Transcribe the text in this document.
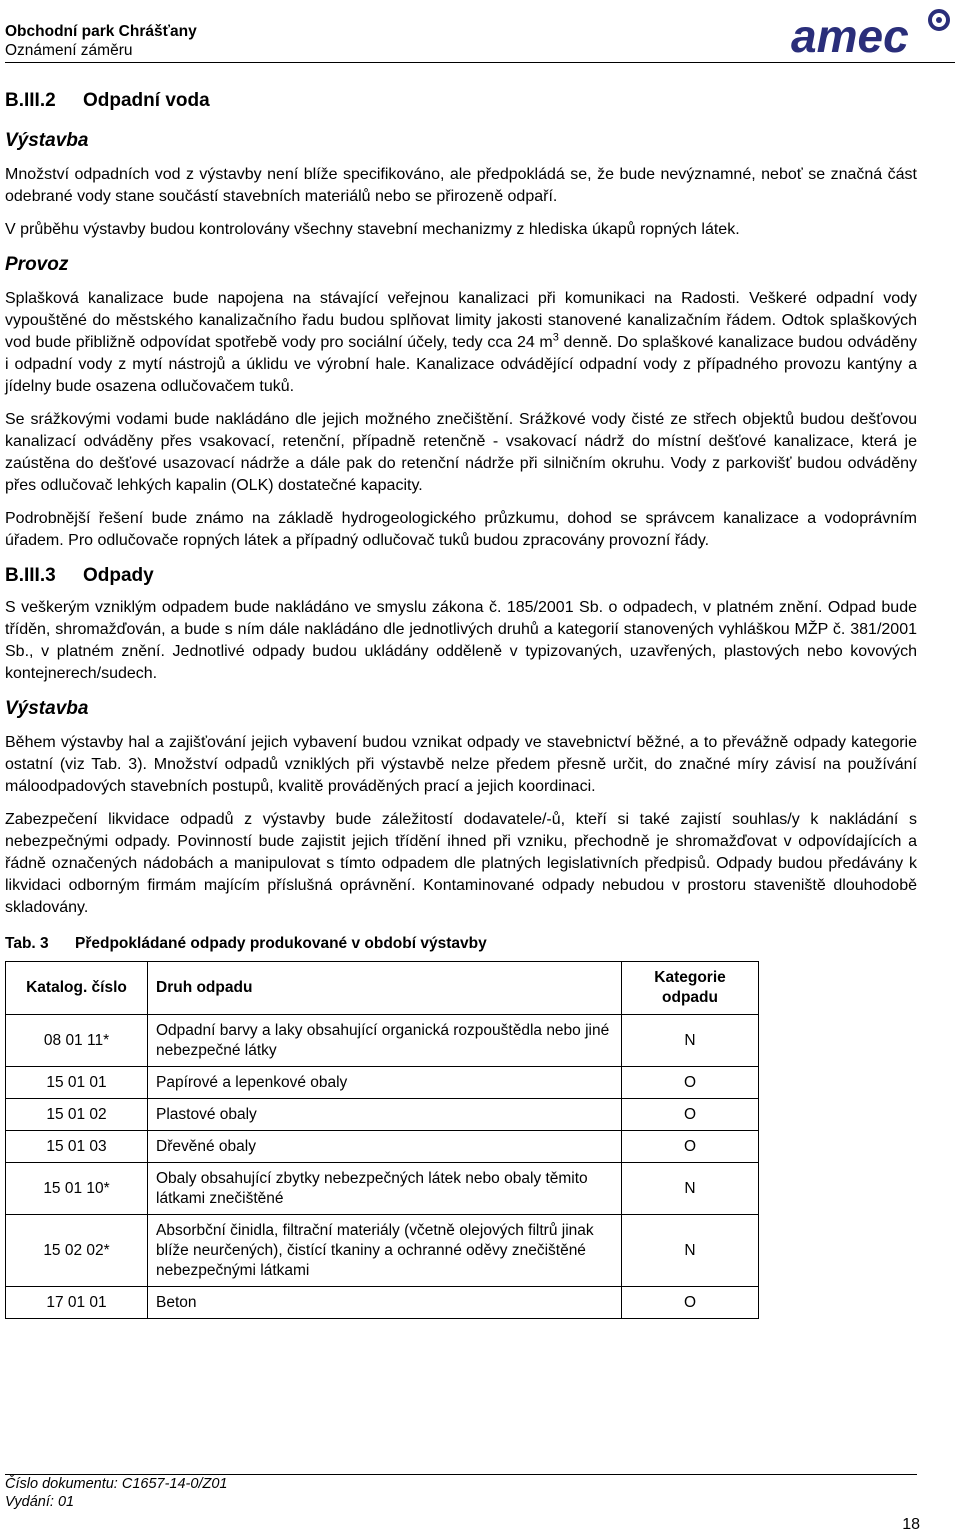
Obchodní park Chrášťany
Oznámení záměru	amec
B.III.2 Odpadní voda
Výstavba

Množství odpadních vod z výstavby není blíže specifikováno, ale předpokládá se, že bude nevýznamné, neboť se značná část odebrané vody stane součástí stavebních materiálů nebo se přirozeně odpaří.

V průběhu výstavby budou kontrolovány všechny stavební mechanizmy z hlediska úkapů ropných látek.

Provoz

Splašková kanalizace bude napojena na stávající veřejnou kanalizaci při komunikaci na Radosti. Veškeré odpadní vody vypouštěné do městského kanalizačního řadu budou splňovat limity jakosti stanovené kanalizačním řádem. Odtok splaškových vod bude přibližně odpovídat spotřebě vody pro sociální účely, tedy cca 24 $m^3$ denně. Do splaškové kanalizace budou odváděny i odpadní vody z mytí nástrojů a úklidu ve výrobní hale. Kanalizace odvádějící odpadní vody z případného provozu kantýny a jídelny bude osazena odlučovačem tuků.

Se srážkovými vodami bude nakládáno dle jejich možného znečištění. Srážkové vody čisté ze střech objektů budou dešťovou kanalizací odváděny přes vsakovací, retenční, případně retenčně - vsakovací nádrž do místní dešťové kanalizace, která je zaústěna do dešťové usazovací nádrže a dále pak do retenční nádrže při silničním okruhu. Vody z parkovišť budou odváděny přes odlučovač lehkých kapalin (OLK) dostatečné kapacity.

Podrobnější řešení bude známo na základě hydrogeologického průzkumu, dohod se správcem kanalizace a vodoprávním úřadem. Pro odlučovače ropných látek a případný odlučovač tuků budou zpracovány provozní řády.

B.III.3 Odpady

S veškerým vzniklým odpadem bude nakládáno ve smyslu zákona č. 185/2001 Sb. o odpadech, v platném znění. Odpad bude tříděn, shromažďován, a bude s ním dále nakládáno dle jednotlivých druhů a kategorií stanovených vyhláškou MŽP č. 381/2001 Sb., v platném znění. Jednotlivé odpady budou ukládány odděleně v typizovaných, uzavřených, plastových nebo kovových kontejnerech/sudech.

Výstavba

Během výstavby hal a zajišťování jejich vybavení budou vznikat odpady ve stavebnictví běžné, a to převážně odpady kategorie ostatní (viz Tab. 3). Množství odpadů vzniklých při výstavbě nelze předem přesně určit, do značné míry závisí na používání máloodpadových stavebních postupů, kvalitě prováděných prací a jejich koordinaci.

Zabezpečení likvidace odpadů z výstavby bude záležitostí dodavatele/-ů, kteří si také zajistí souhlas/y k nakládání s nebezpečnými odpady. Povinností bude zajistit jejich třídění ihned při vzniku, přechodně je shromažďovat v odpovídajících a řádně označených nádobách a manipulovat s tímto odpadem dle platných legislativních předpisů. Odpady budou předávány k likvidaci odborným firmám majícím příslušná oprávnění. Kontaminované odpady nebudou v prostoru staveniště dlouhodobě skladovány.

Tab. 3 Předpokládané odpady produkované v období výstavby
Katalog. číslo	Druh odpadu	Kategorie odpadu
08 01 11*	Odpadní barvy a laky obsahující organická rozpouštědla nebo jiné nebezpečné látky	N
15 01 01	Papírové a lepenkové obaly	O
15 01 02	Plastové obaly	O
15 01 03	Dřevěné obaly	O
15 01 10*	Obaly obsahující zbytky nebezpečných látek nebo obaly těmito látkami znečištěné	N
15 02 02*	Absorbční činidla, filtrační materiály (včetně olejových filtrů jinak blíže neurčených), čistící tkaniny a ochranné oděvy znečištěné nebezpečnými látkami	N
17 01 01	Beton	O
Číslo dokumentu: C1657-14-0/Z01
Vydání: 01
18
